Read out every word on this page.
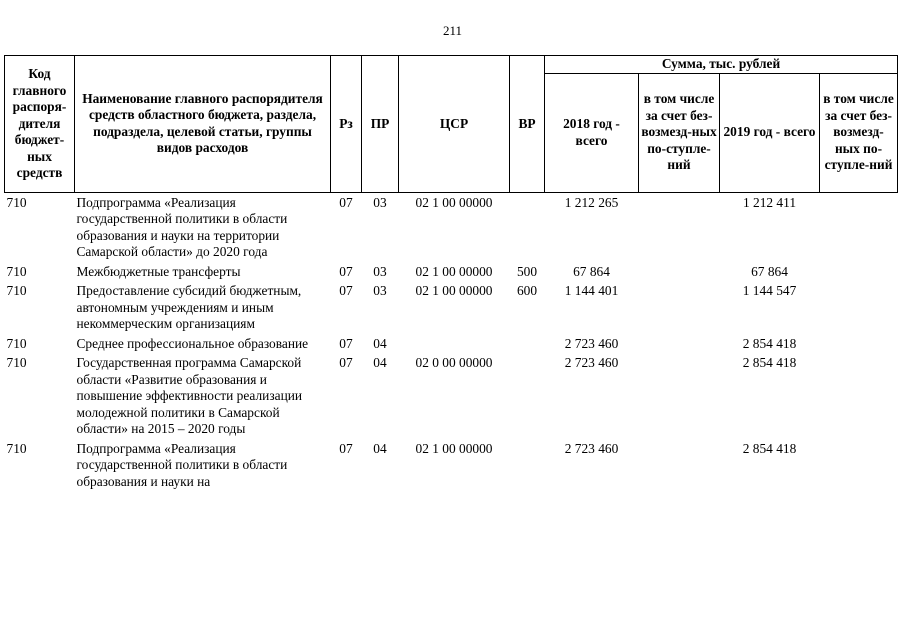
211
Код главного распоря-дителя бюджет-ных средств	Наименование главного распорядителя средств областного бюджета, раздела, подраздела, целевой статьи, группы видов расходов	Рз	ПР	ЦСР	ВР	Сумма, тыс. рублей			
						2018 год - всего	в том числе за счет без-возмезд-ных по-ступле-ний	2019 год - всего	в том числе за счет без-возмезд-ных по-ступле-ний
710	Подпрограмма «Реализация государственной политики в области образования и науки на территории Самарской области» до 2020 года	07	03	02 1 00 00000		1 212 265		1 212 411	
710	Межбюджетные трансферты	07	03	02 1 00 00000	500	67 864		67 864	
710	Предоставление субсидий бюджетным, автономным учреждениям и иным некоммерческим организациям	07	03	02 1 00 00000	600	1 144 401		1 144 547	
710	Среднее профессиональное образование	07	04			2 723 460		2 854 418	
710	Государственная программа Самарской области «Развитие образования и повышение эффективности реализации молодежной политики в Самарской области» на 2015 – 2020 годы	07	04	02 0 00 00000		2 723 460		2 854 418	
710	Подпрограмма «Реализация государственной политики в области образования и науки на	07	04	02 1 00 00000		2 723 460		2 854 418	
